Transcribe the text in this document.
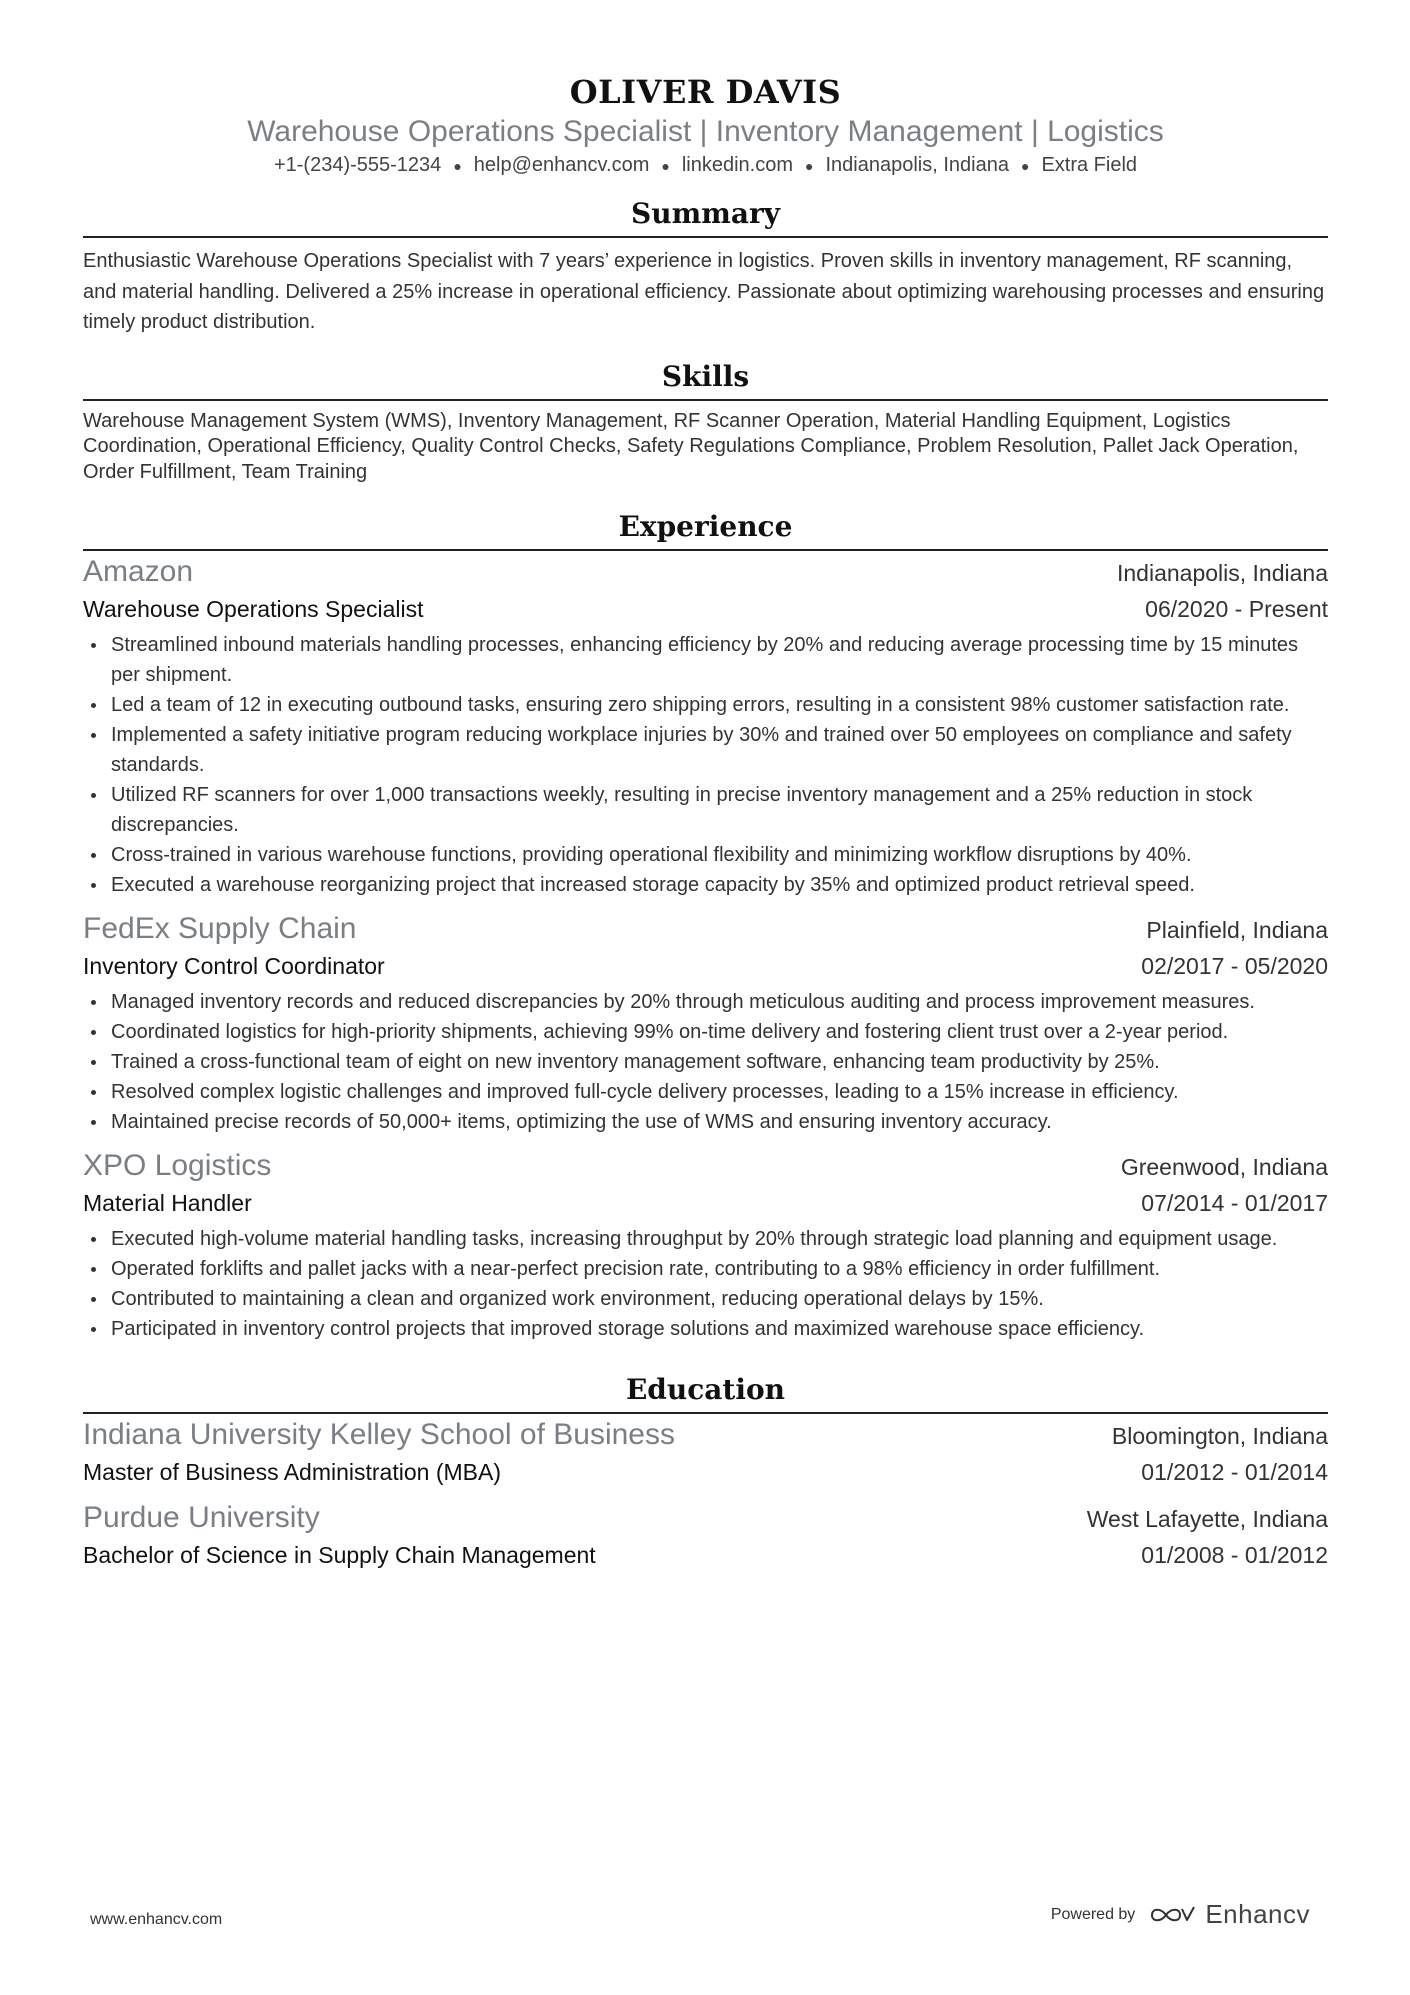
OLIVER DAVIS
Warehouse Operations Specialist | Inventory Management | Logistics
+1-(234)-555-1234 ● help@enhancv.com ● linkedin.com ● Indianapolis, Indiana ● Extra Field
Summary

Enthusiastic Warehouse Operations Specialist with 7 years’ experience in logistics. Proven skills in inventory management, RF scanning, and material handling. Delivered a 25% increase in operational efficiency. Passionate about optimizing warehousing processes and ensuring timely product distribution.

Skills

Warehouse Management System (WMS), Inventory Management, RF Scanner Operation, Material Handling Equipment, Logistics Coordination, Operational Efficiency, Quality Control Checks, Safety Regulations Compliance, Problem Resolution, Pallet Jack Operation, Order Fulfillment, Team Training

Experience
Amazon	Indianapolis, Indiana
Warehouse Operations Specialist	06/2020 - Present
Streamlined inbound materials handling processes, enhancing efficiency by 20% and reducing average processing time by 15 minutes per shipment.
Led a team of 12 in executing outbound tasks, ensuring zero shipping errors, resulting in a consistent 98% customer satisfaction rate.
Implemented a safety initiative program reducing workplace injuries by 30% and trained over 50 employees on compliance and safety standards.
Utilized RF scanners for over 1,000 transactions weekly, resulting in precise inventory management and a 25% reduction in stock discrepancies.
Cross-trained in various warehouse functions, providing operational flexibility and minimizing workflow disruptions by 40%.
Executed a warehouse reorganizing project that increased storage capacity by 35% and optimized product retrieval speed.
FedEx Supply Chain	Plainfield, Indiana
Inventory Control Coordinator	02/2017 - 05/2020
Managed inventory records and reduced discrepancies by 20% through meticulous auditing and process improvement measures.
Coordinated logistics for high-priority shipments, achieving 99% on-time delivery and fostering client trust over a 2-year period.
Trained a cross-functional team of eight on new inventory management software, enhancing team productivity by 25%.
Resolved complex logistic challenges and improved full-cycle delivery processes, leading to a 15% increase in efficiency.
Maintained precise records of 50,000+ items, optimizing the use of WMS and ensuring inventory accuracy.
XPO Logistics	Greenwood, Indiana
Material Handler	07/2014 - 01/2017
Executed high-volume material handling tasks, increasing throughput by 20% through strategic load planning and equipment usage.
Operated forklifts and pallet jacks with a near-perfect precision rate, contributing to a 98% efficiency in order fulfillment.
Contributed to maintaining a clean and organized work environment, reducing operational delays by 15%.
Participated in inventory control projects that improved storage solutions and maximized warehouse space efficiency.
Education
Indiana University Kelley School of Business	Bloomington, Indiana
Master of Business Administration (MBA)	01/2012 - 01/2014
Purdue University	West Lafayette, Indiana
Bachelor of Science in Supply Chain Management	01/2008 - 01/2012
www.enhancv.com	Powered by	Enhancv
